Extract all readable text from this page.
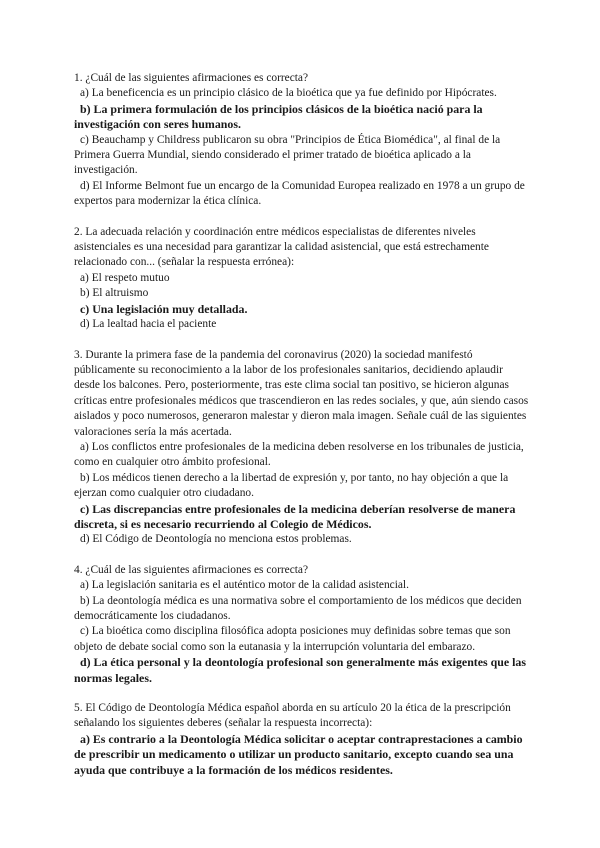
1. ¿Cuál de las siguientes afirmaciones es correcta?

a) La beneficencia es un principio clásico de la bioética que ya fue definido por Hipócrates.

b) La primera formulación de los principios clásicos de la bioética nació para la investigación con seres humanos.

c) Beauchamp y Childress publicaron su obra "Principios de Ética Biomédica", al final de la Primera Guerra Mundial, siendo considerado el primer tratado de bioética aplicado a la investigación.

d) El Informe Belmont fue un encargo de la Comunidad Europea realizado en 1978 a un grupo de expertos para modernizar la ética clínica.

2. La adecuada relación y coordinación entre médicos especialistas de diferentes niveles asistenciales es una necesidad para garantizar la calidad asistencial, que está estrechamente relacionado con... (señalar la respuesta errónea):

a) El respeto mutuo

b) El altruismo

c) Una legislación muy detallada.

d) La lealtad hacia el paciente

3. Durante la primera fase de la pandemia del coronavirus (2020) la sociedad manifestó públicamente su reconocimiento a la labor de los profesionales sanitarios, decidiendo aplaudir desde los balcones. Pero, posteriormente, tras este clima social tan positivo, se hicieron algunas críticas entre profesionales médicos que trascendieron en las redes sociales, y que, aún siendo casos aislados y poco numerosos, generaron malestar y dieron mala imagen. Señale cuál de las siguientes valoraciones sería la más acertada.

a) Los conflictos entre profesionales de la medicina deben resolverse en los tribunales de justicia, como en cualquier otro ámbito profesional.

b) Los médicos tienen derecho a la libertad de expresión y, por tanto, no hay objeción a que la ejerzan como cualquier otro ciudadano.

c) Las discrepancias entre profesionales de la medicina deberían resolverse de manera discreta, si es necesario recurriendo al Colegio de Médicos.

d) El Código de Deontología no menciona estos problemas.

4. ¿Cuál de las siguientes afirmaciones es correcta?

a) La legislación sanitaria es el auténtico motor de la calidad asistencial.

b) La deontología médica es una normativa sobre el comportamiento de los médicos que deciden democráticamente los ciudadanos.

c) La bioética como disciplina filosófica adopta posiciones muy definidas sobre temas que son objeto de debate social como son la eutanasia y la interrupción voluntaria del embarazo.

d) La ética personal y la deontología profesional son generalmente más exigentes que las normas legales.

5. El Código de Deontología Médica español aborda en su artículo 20 la ética de la prescripción señalando los siguientes deberes (señalar la respuesta incorrecta):

a) Es contrario a la Deontología Médica solicitar o aceptar contraprestaciones a cambio de prescribir un medicamento o utilizar un producto sanitario, excepto cuando sea una ayuda que contribuye a la formación de los médicos residentes.
